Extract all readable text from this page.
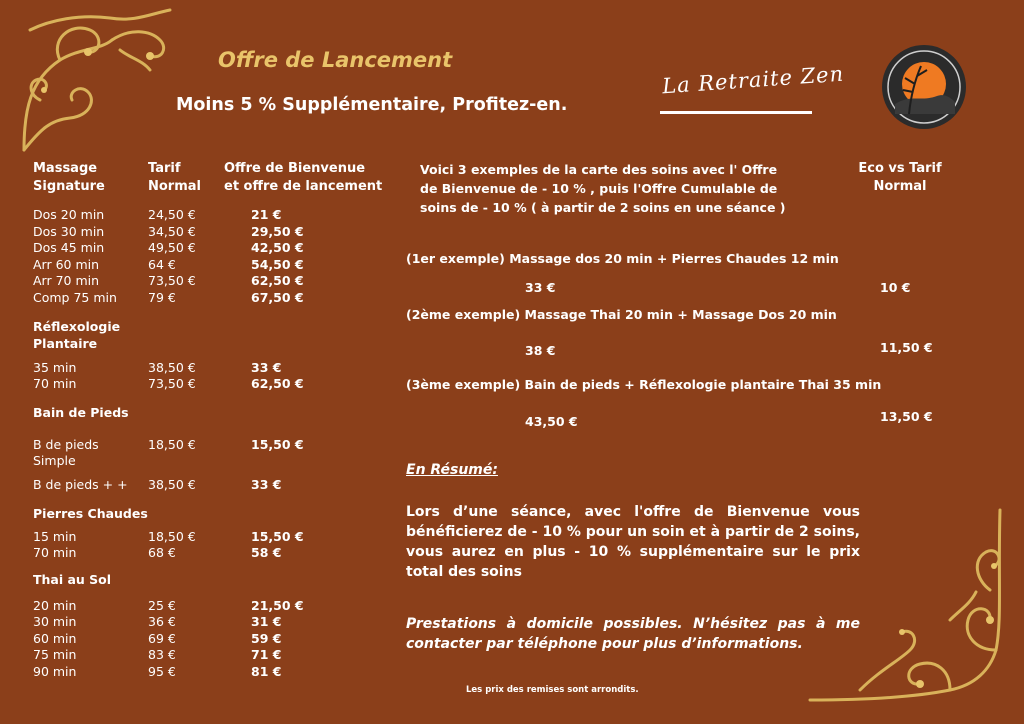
Offre de Lancement
Moins 5 % Supplémentaire, Profitez-en.
La Retraite Zen
Massage
Signature
Tarif
Normal
Offre de Bienvenue
et offre de lancement
Dos 20 min	24,50 €	21 €
Dos 30 min	34,50 €	29,50 €
Dos 45 min	49,50 €	42,50 €
Arr 60 min	64 €	54,50 €
Arr 70 min	73,50 €	62,50 €
Comp 75 min 79 €	67,50 €
Réflexologie
Plantaire
35 min	38,50 €	33 €
70 min	73,50 €	62,50 €
Bain de Pieds
B de pieds
Simple
18,50 €	15,50 €
B de pieds + + 38,50 €	33 €
Pierres Chaudes
15 min	18,50 €	15,50 €
70 min	68 €	58 €
Thai au Sol
20 min	25 €	21,50 €
30 min	36 €	31 €
60 min	69 €	59 €
75 min	83 €	71 €
90 min	95 €	81 €
Voici 3 exemples de la carte des soins avec l' Offre
de Bienvenue de - 10 % , puis l'Offre Cumulable de
soins de - 10 % ( à partir de 2 soins en une séance )
Eco vs Tarif
Normal
(1er exemple) Massage dos 20 min + Pierres Chaudes 12 min
33 €	10 €
(2ème exemple) Massage Thai 20 min + Massage Dos 20 min
38 €	11,50 €
(3ème exemple) Bain de pieds + Réflexologie plantaire Thai 35 min
43,50 €	13,50 €
En Résumé:
Lors d’une séance, avec l'offre de Bienvenue vous bénéficierez de - 10 % pour un soin et à partir de 2 soins, vous aurez en plus - 10 % supplémentaire sur le prix total des soins
Prestations à domicile possibles. N’hésitez pas à me contacter par téléphone pour plus d’informations.
Les prix des remises sont arrondits.
